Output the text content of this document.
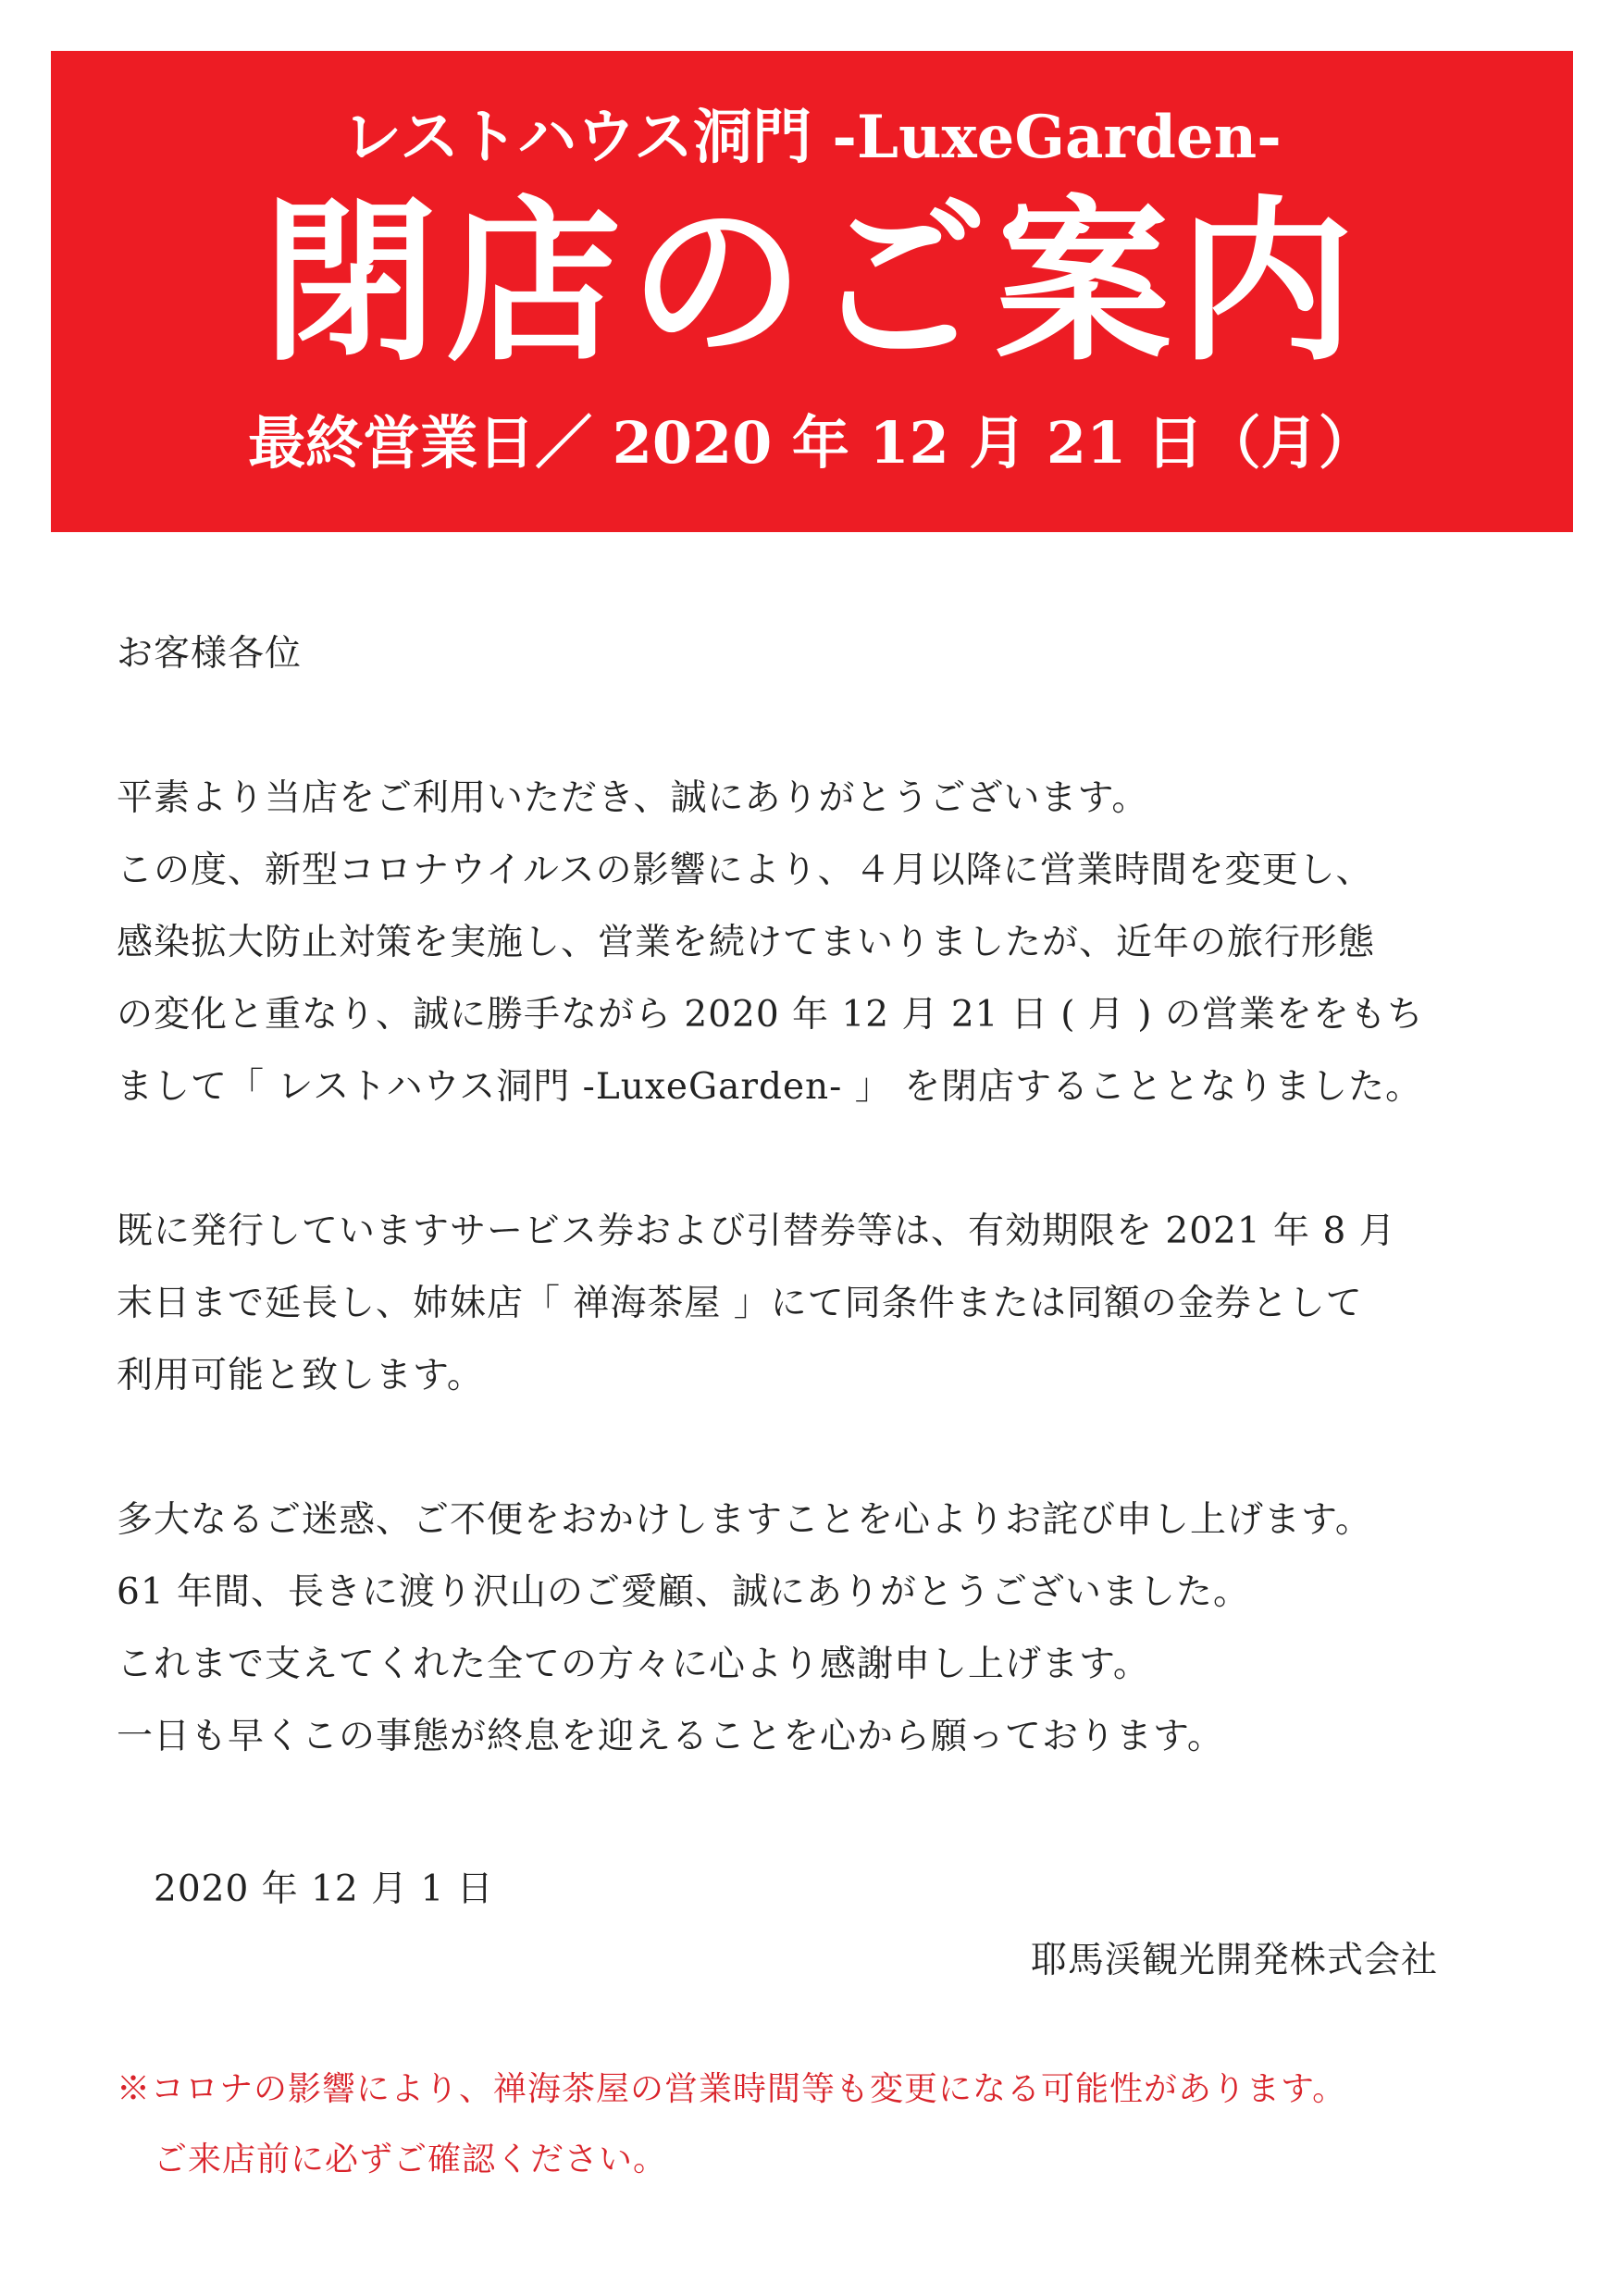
レストハウス洞門 -LuxeGarden-
閉店のご案内
最終営業日／ 2020 年 12 月 21 日（月）
お客様各位
平素より当店をご利用いただき、誠にありがとうございます。
この度、新型コロナウイルスの影響により、４月以降に営業時間を変更し、
感染拡大防止対策を実施し、営業を続けてまいりましたが、近年の旅行形態
の変化と重なり、誠に勝手ながら 2020 年 12 月 21 日 ( 月 ) の営業ををもち
まして「 レストハウス洞門 -LuxeGarden- 」 を閉店することとなりました。
既に発行していますサービス券および引替券等は、有効期限を 2021 年 8 月
末日まで延長し、姉妹店「 禅海茶屋 」にて同条件または同額の金券として
利用可能と致します。
多大なるご迷惑、ご不便をおかけしますことを心よりお詫び申し上げます。
61 年間、長きに渡り沢山のご愛顧、誠にありがとうございました。
これまで支えてくれた全ての方々に心より感謝申し上げます。
一日も早くこの事態が終息を迎えることを心から願っております。
2020 年 12 月 1 日
耶馬渓観光開発株式会社
※コロナの影響により、禅海茶屋の営業時間等も変更になる可能性があります。
ご来店前に必ずご確認ください。
